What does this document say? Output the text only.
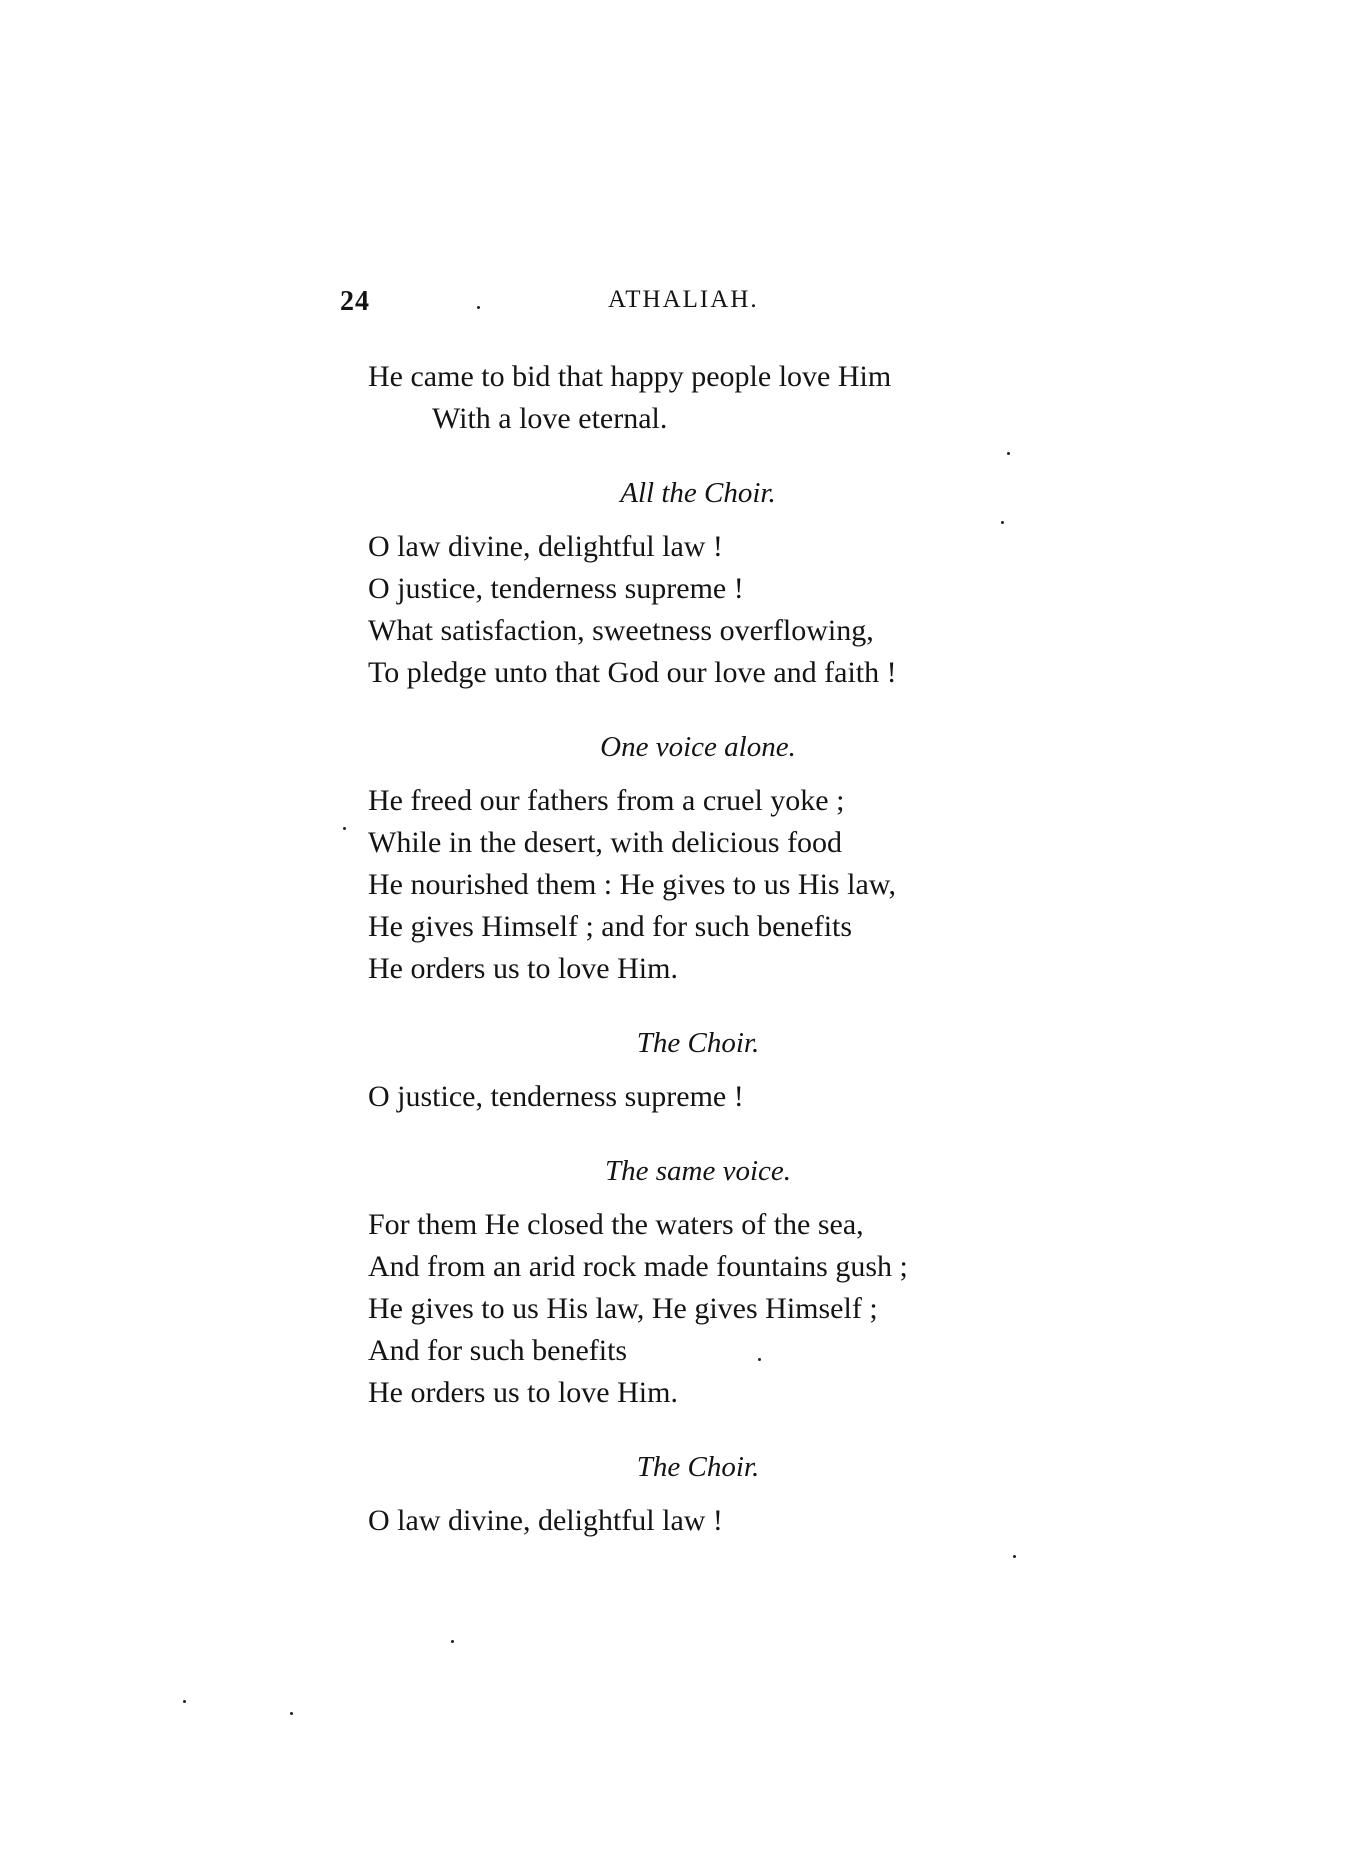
24	ATHALIAH.
He came to bid that happy people love Him
With a love eternal.
All the Choir.
O law divine, delightful law !
O justice, tenderness supreme !
What satisfaction, sweetness overflowing,
To pledge unto that God our love and faith !
One voice alone.
He freed our fathers from a cruel yoke ;
While in the desert, with delicious food
He nourished them : He gives to us His law,
He gives Himself ; and for such benefits
He orders us to love Him.
The Choir.
O justice, tenderness supreme !
The same voice.
For them He closed the waters of the sea,
And from an arid rock made fountains gush ;
He gives to us His law, He gives Himself ;
And for such benefits
He orders us to love Him.
The Choir.
O law divine, delightful law !
